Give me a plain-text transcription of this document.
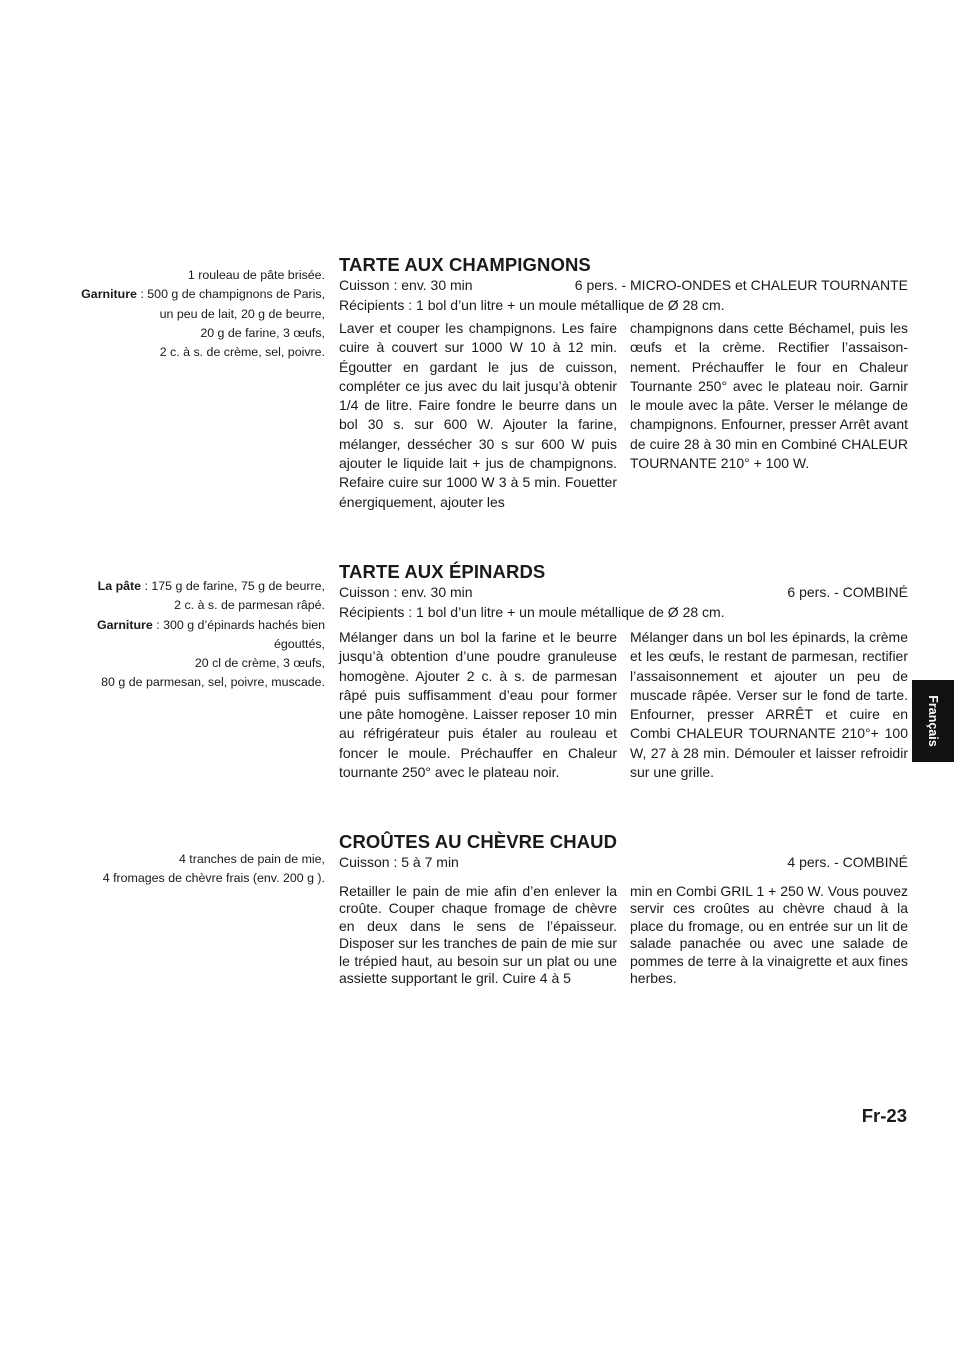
1 rouleau de pâte brisée.
Garniture : 500 g de champignons de Paris,
un peu de lait, 20 g de beurre,
20 g de farine, 3 œufs,
2 c. à s. de crème, sel, poivre.
TARTE AUX CHAMPIGNONS
Cuisson : env. 30 min	6 pers. - MICRO-ONDES et CHALEUR TOURNANTE
Récipients : 1 bol d’un litre + un moule métallique de Ø 28 cm.
Laver et couper les champignons. Les faire cuire à couvert sur 1000 W 10 à 12 min. Égoutter en gardant le jus de cuisson, compléter ce jus avec du lait jusqu’à obtenir 1/4 de litre. Faire fondre le beurre dans un bol 30 s. sur 600 W. Ajouter la farine, mélanger, dessécher 30 s sur 600 W puis ajouter le liquide lait + jus de champignons. Refaire cuire sur 1000 W 3 à 5 min. Fouetter énergiquement, ajouter les
champignons dans cette Béchamel, puis les œufs et la crème. Rectifier l’assaison-nement. Préchauffer le four en Chaleur Tournante 250° avec le plateau noir. Garnir le moule avec la pâte. Verser le mélange de champignons. Enfourner, presser Arrêt avant de cuire 28 à 30 min en Combiné CHALEUR TOURNANTE 210° + 100 W.
La pâte : 175 g de farine, 75 g de beurre,
2 c. à s. de parmesan râpé.
Garniture : 300 g d’épinards hachés bien
égouttés,
20 cl de crème, 3 œufs,
80 g de parmesan, sel, poivre, muscade.
TARTE AUX ÉPINARDS
Cuisson : env. 30 min	6 pers. - COMBINÉ
Récipients : 1 bol d’un litre + un moule métallique de Ø 28 cm.
Mélanger dans un bol la farine et le beurre jusqu’à obtention d’une poudre granuleuse homogène. Ajouter 2 c. à s. de parmesan râpé puis suffisamment d’eau pour former une pâte homogène. Laisser reposer 10 min au réfrigérateur puis étaler au rouleau et foncer le moule. Préchauffer en Chaleur tournante 250° avec le plateau noir.
Mélanger dans un bol les épinards, la crème et les œufs, le restant de parmesan, rectifier l’assaisonnement et ajouter un peu de muscade râpée. Verser sur le fond de tarte. Enfourner, presser ARRÊT et cuire en Combi CHALEUR TOURNANTE 210°+ 100 W, 27 à 28 min. Démouler et laisser refroidir sur une grille.
4 tranches de pain de mie,
4 fromages de chèvre frais (env. 200 g ).
CROÛTES AU CHÈVRE CHAUD
Cuisson : 5 à 7 min	4 pers. - COMBINÉ
Retailler le pain de mie afin d’en enlever la croûte. Couper chaque fromage de chèvre en deux dans le sens de l’épaisseur. Disposer sur les tranches de pain de mie sur le trépied haut, au besoin sur un plat ou une assiette supportant le gril. Cuire 4 à 5
min en Combi GRIL 1 + 250 W. Vous pouvez servir ces croûtes au chèvre chaud à la place du fromage, ou en entrée sur un lit de salade panachée ou avec une salade de pommes de terre à la vinaigrette et aux fines herbes.
Français
Fr-23
